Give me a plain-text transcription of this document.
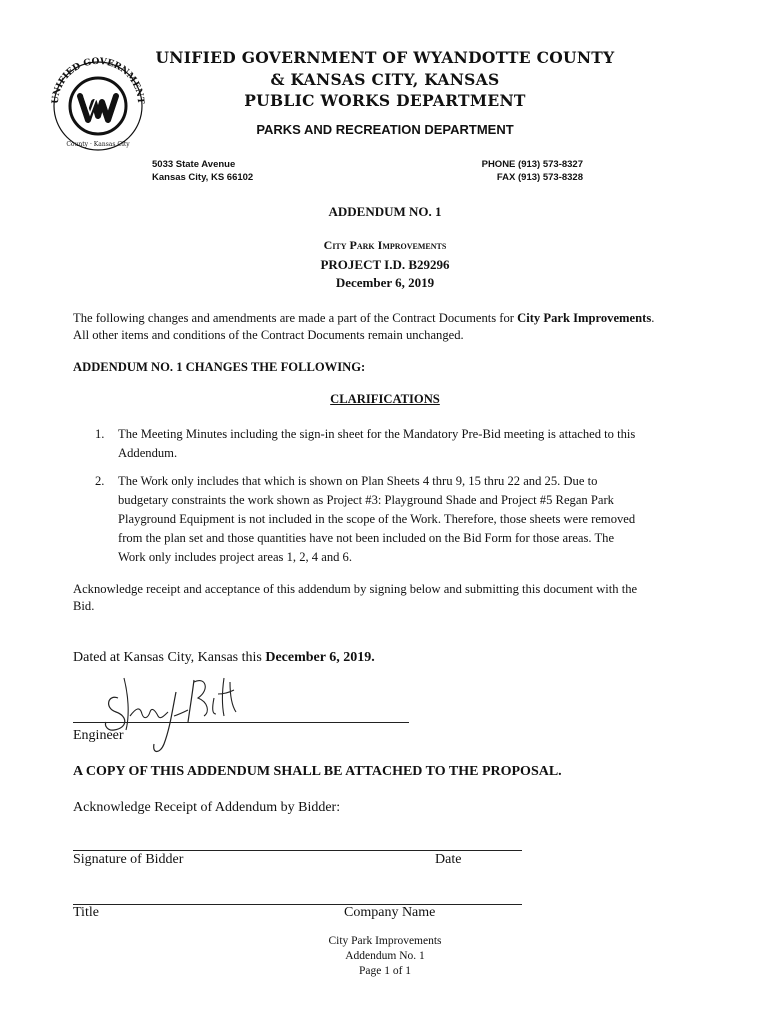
UNIFIED GOVERNMENT
County · Kansas City
UNIFIED GOVERNMENT OF WYANDOTTE COUNTY
& KANSAS CITY, KANSAS
PUBLIC WORKS DEPARTMENT
PARKS AND RECREATION DEPARTMENT
5033 State Avenue
Kansas City, KS 66102
PHONE (913) 573-8327
FAX (913) 573-8328
ADDENDUM NO. 1
City Park Improvements
PROJECT I.D. B29296
December 6, 2019
The following changes and amendments are made a part of the Contract Documents for City Park Improvements.
All other items and conditions of the Contract Documents remain unchanged.
ADDENDUM NO. 1 CHANGES THE FOLLOWING:
CLARIFICATIONS
1. The Meeting Minutes including the sign-in sheet for the Mandatory Pre-Bid meeting is attached to this
Addendum.
2. The Work only includes that which is shown on Plan Sheets 4 thru 9, 15 thru 22 and 25. Due to
budgetary constraints the work shown as Project #3: Playground Shade and Project #5 Regan Park
Playground Equipment is not included in the scope of the Work. Therefore, those sheets were removed
from the plan set and those quantities have not been included on the Bid Form for those areas. The
Work only includes project areas 1, 2, 4 and 6.
Acknowledge receipt and acceptance of this addendum by signing below and submitting this document with the
Bid.
Dated at Kansas City, Kansas this December 6, 2019.
Engineer
A COPY OF THIS ADDENDUM SHALL BE ATTACHED TO THE PROPOSAL.
Acknowledge Receipt of Addendum by Bidder:
Signature of Bidder	Date
Title	Company Name
City Park Improvements
Addendum No. 1
Page 1 of 1
